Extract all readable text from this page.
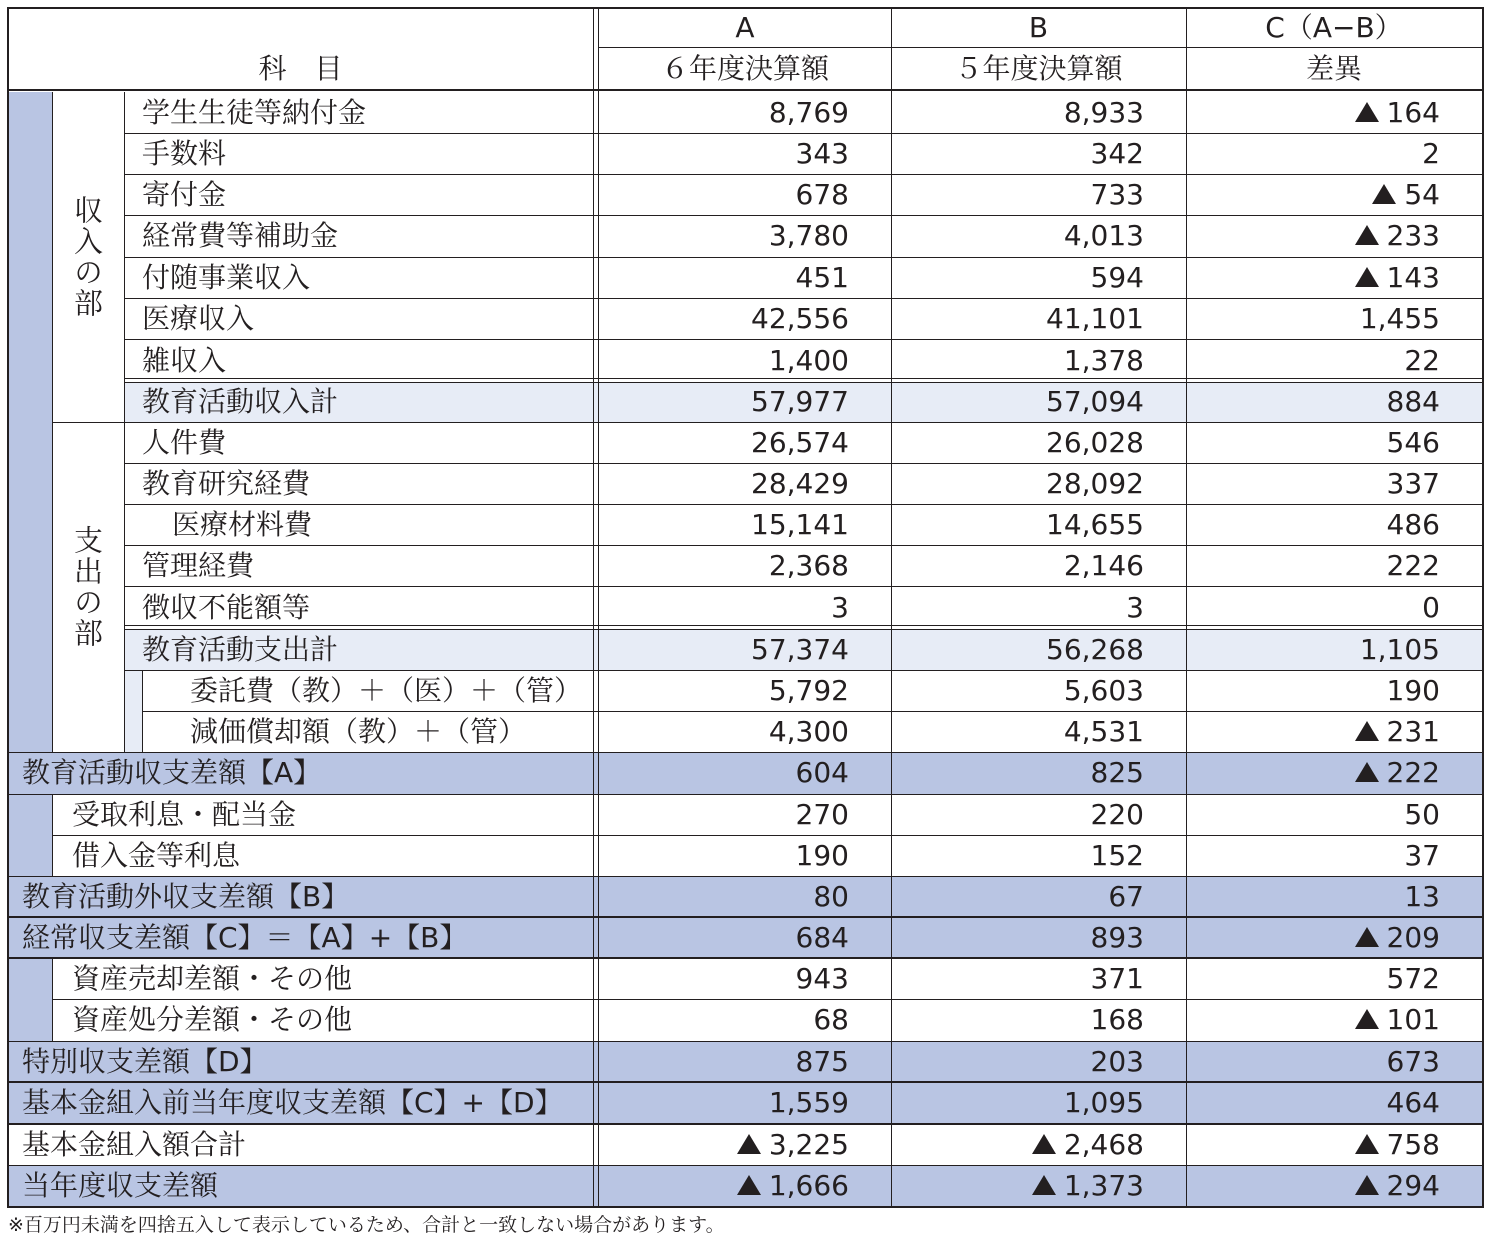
A	B	C（A−B）
科　目	６年度決算額	５年度決算額	差異
収入の部
支出の部
学生生徒等納付金	8,769	8,933	164
手数料	343	342	2
寄付金	678	733	54
経常費等補助金	3,780	4,013	233
付随事業収入	451	594	143
医療収入	42,556	41,101	1,455
雑収入	1,400	1,378	22
教育活動収入計	57,977	57,094	884
人件費	26,574	26,028	546
教育研究経費	28,429	28,092	337
医療材料費	15,141	14,655	486
管理経費	2,368	2,146	222
徴収不能額等	3	3	0
教育活動支出計	57,374	56,268	1,105
委託費（教）＋（医）＋（管）	5,792	5,603	190
減価償却額（教）＋（管）	4,300	4,531	231
教育活動収支差額【A】	604	825	222
受取利息・配当金	270	220	50
借入金等利息	190	152	37
教育活動外収支差額【B】	80	67	13
経常収支差額【C】＝【A】+【B】	684	893	209
資産売却差額・その他	943	371	572
資産処分差額・その他	68	168	101
特別収支差額【D】	875	203	673
基本金組入前当年度収支差額【C】+【D】	1,559	1,095	464
基本金組入額合計	3,225	2,468	758
当年度収支差額	1,666	1,373	294
※百万円未満を四捨五入して表示しているため、合計と一致しない場合があります。
